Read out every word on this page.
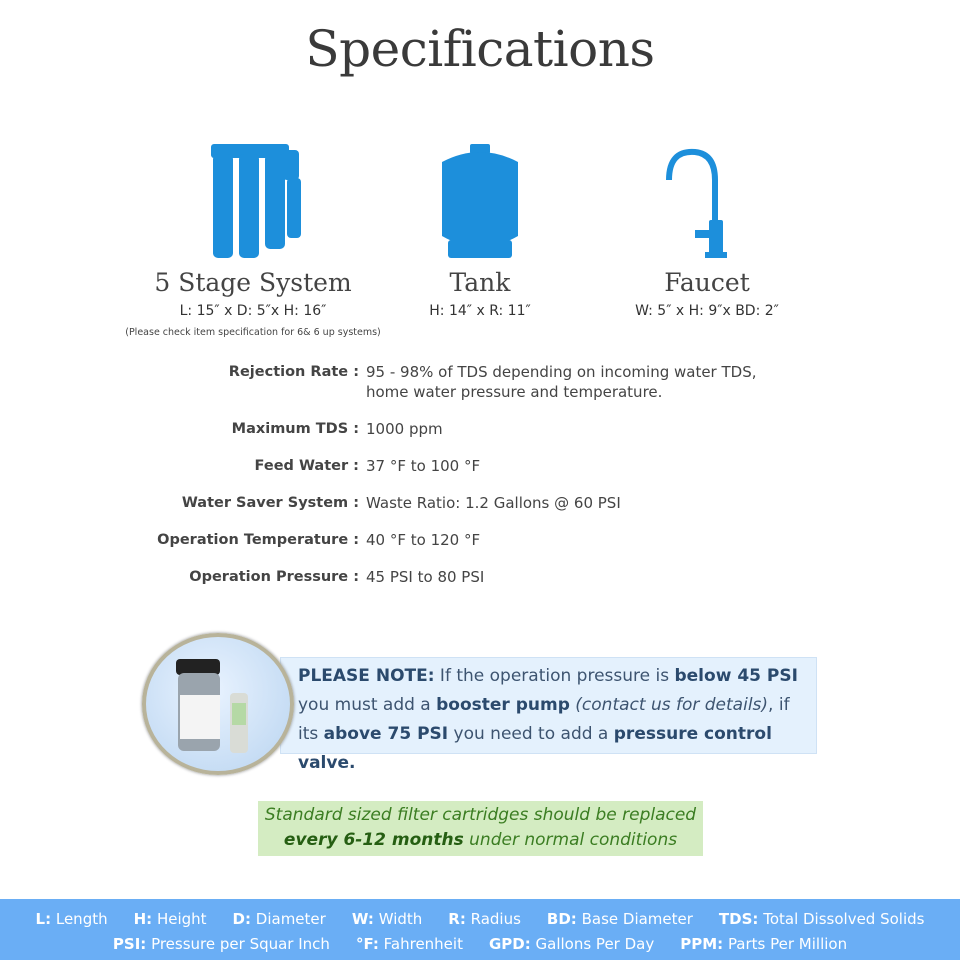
Specifications
5 Stage System
L: 15″ x D: 5″x H: 16″
(Please check item specification for 6& 6 up systems)
Tank
H: 14″ x R: 11″
Faucet
W: 5″ x H: 9″x BD: 2″
Rejection Rate : 95 - 98% of TDS depending on incoming water TDS, home water pressure and temperature.
Maximum TDS : 1000 ppm
Feed Water : 37 °F to 100 °F
Water Saver System : Waste Ratio: 1.2 Gallons @ 60 PSI
Operation Temperature : 40 °F to 120 °F
Operation Pressure : 45 PSI to 80 PSI
PLEASE NOTE: If the operation pressure is below 45 PSI you must add a booster pump (contact us for details), if its above 75 PSI you need to add a pressure control valve.
Standard sized filter cartridges should be replaced
every 6-12 months under normal conditions
L: Length H: Height D: Diameter W: Width R: Radius BD: Base Diameter TDS: Total Dissolved Solids
PSI: Pressure per Squar Inch °F: Fahrenheit GPD: Gallons Per Day PPM: Parts Per Million
